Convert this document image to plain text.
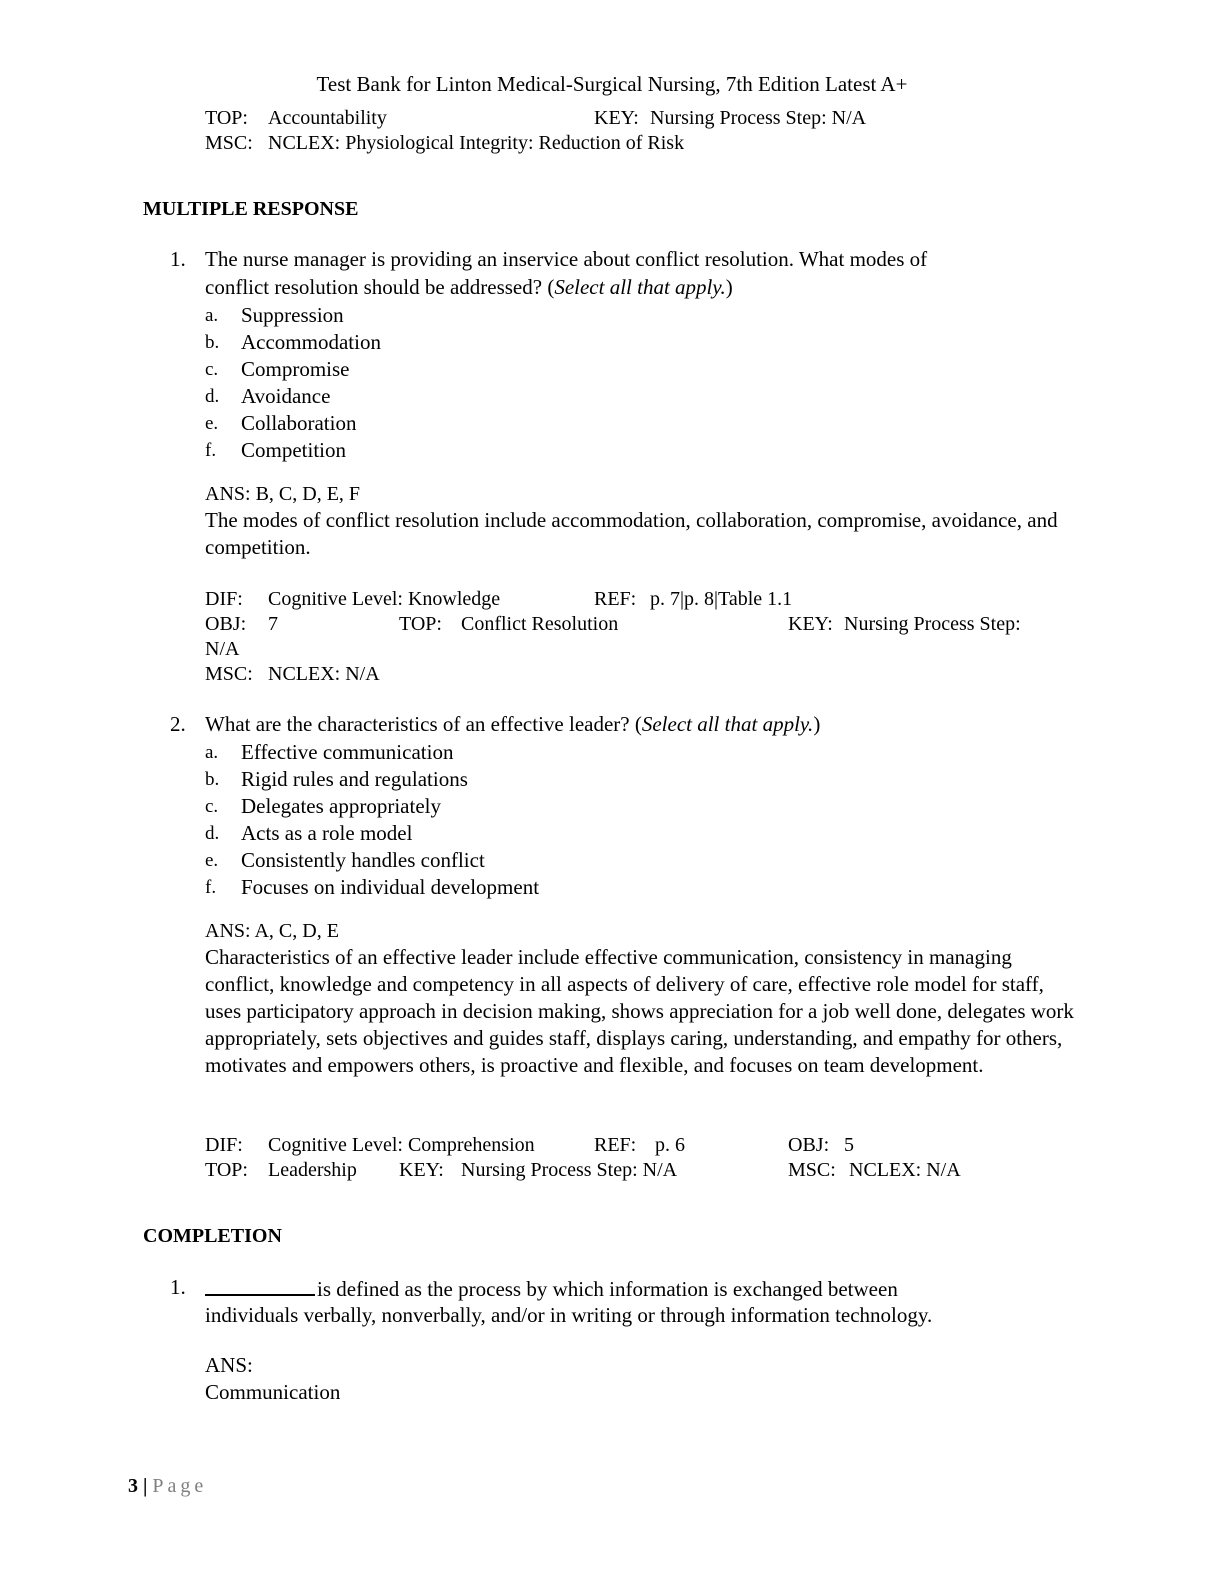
Test Bank for Linton Medical-Surgical Nursing, 7th Edition Latest A+
TOP: Accountability	KEY: Nursing Process Step: N/A
MSC: NCLEX: Physiological Integrity: Reduction of Risk
MULTIPLE RESPONSE
1. The nurse manager is providing an inservice about conflict resolution. What modes of
conflict resolution should be addressed? (Select all that apply.)
a. Suppression
b. Accommodation
c. Compromise
d. Avoidance
e. Collaboration
f. Competition
ANS: B, C, D, E, F
The modes of conflict resolution include accommodation, collaboration, compromise, avoidance, and competition.
DIF: Cognitive Level: Knowledge	REF: p. 7|p. 8|Table 1.1
OBJ: 7	TOP: Conflict Resolution	KEY: Nursing Process Step:
N/A
MSC: NCLEX: N/A
2. What are the characteristics of an effective leader? (Select all that apply.)
a. Effective communication
b. Rigid rules and regulations
c. Delegates appropriately
d. Acts as a role model
e. Consistently handles conflict
f. Focuses on individual development
ANS: A, C, D, E
Characteristics of an effective leader include effective communication, consistency in managing conflict, knowledge and competency in all aspects of delivery of care, effective role model for staff, uses participatory approach in decision making, shows appreciation for a job well done, delegates work appropriately, sets objectives and guides staff, displays caring, understanding, and empathy for others, motivates and empowers others, is proactive and flexible, and focuses on team development.
DIF: Cognitive Level: Comprehension	REF: p. 6	OBJ: 5
TOP: Leadership KEY: Nursing Process Step: N/A	MSC: NCLEX: N/A
COMPLETION
1.	is defined as the process by which information is exchanged between
individuals verbally, nonverbally, and/or in writing or through information technology.
ANS:
Communication
3 | Page
